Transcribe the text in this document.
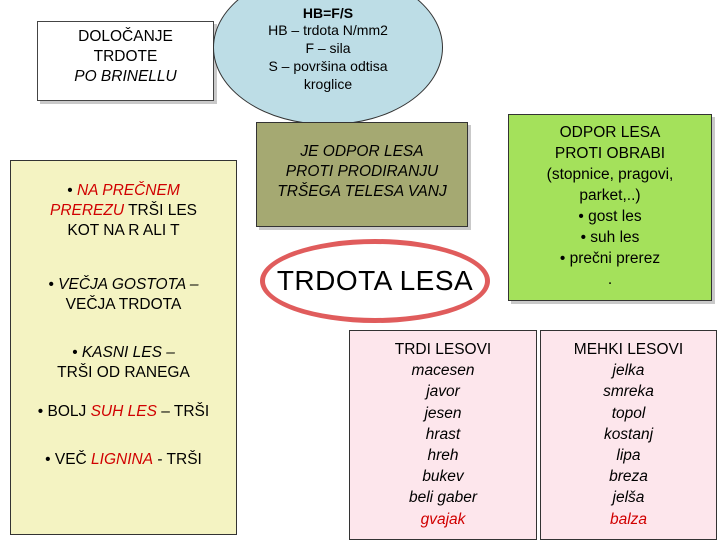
DOLOČANJE
TRDOTE
PO BRINELLU
HB=F/S
HB – trdota N/mm2
F – sila
S – površina odtisa
kroglice
• NA PREČNEM
PREREZU TRŠI LES
KOT NA R ALI T
• VEČJA GOSTOTA –
VEČJA TRDOTA
• KASNI LES –
TRŠI OD RANEGA
• BOLJ SUH LES – TRŠI
• VEČ LIGNINA - TRŠI
JE ODPOR LESA
PROTI PRODIRANJU
TRŠEGA TELESA VANJ
TRDOTA LESA
ODPOR LESA
PROTI OBRABI
(stopnice, pragovi,
parket,..)
• gost les
• suh les
• prečni prerez
.
TRDI LESOVI
macesen
javor
jesen
hrast
hreh
bukev
beli gaber
gvajak
MEHKI LESOVI
jelka
smreka
topol
kostanj
lipa
breza
jelša
balza
